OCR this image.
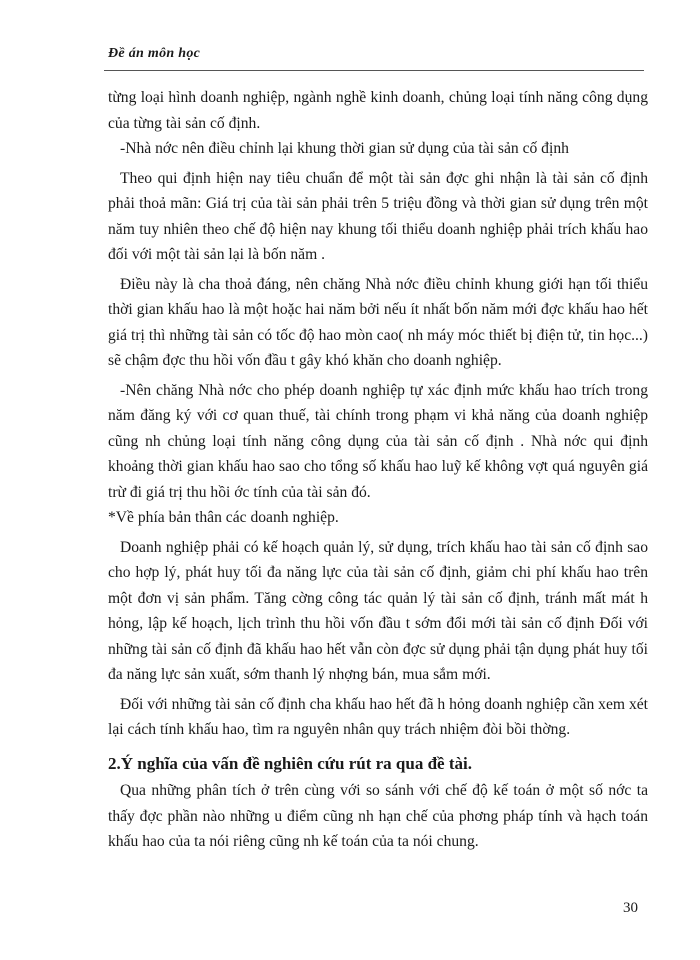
Đề án môn học

từng loại hình doanh nghiệp, ngành nghề kinh doanh, chủng loại tính năng công dụng của từng tài sản cố định.

-Nhà nớc nên điều chỉnh lại khung thời gian sử dụng của tài sản cố định

Theo qui định hiện nay tiêu chuẩn để một tài sản đợc ghi nhận là tài sản cố định phải thoả mãn: Giá trị của tài sản phải trên 5 triệu đồng và thời gian sử dụng trên một năm tuy nhiên theo chế độ hiện nay khung tối thiểu doanh nghiệp phải trích khấu hao đối với một tài sản lại là bốn năm .

Điều này là cha thoả đáng, nên chăng Nhà nớc điều chỉnh khung giới hạn tối thiểu thời gian khấu hao là một hoặc hai năm bởi nếu ít nhất bốn năm mới đợc khấu hao hết giá trị thì những tài sản có tốc độ hao mòn cao( nh máy móc thiết bị điện tử, tin học...) sẽ chậm đợc thu hồi vốn đầu t gây khó khăn cho doanh nghiệp.

-Nên chăng Nhà nớc cho phép doanh nghiệp tự xác định mức khấu hao trích trong năm đăng ký với cơ quan thuế, tài chính trong phạm vi khả năng của doanh nghiệp cũng nh chủng loại tính năng công dụng của tài sản cố định . Nhà nớc qui định khoảng thời gian khấu hao sao cho tổng số khấu hao luỹ kế không vợt quá nguyên giá trừ đi giá trị thu hồi ớc tính của tài sản đó.

*Về phía bản thân các doanh nghiệp.

Doanh nghiệp phải có kế hoạch quản lý, sử dụng, trích khấu hao tài sản cố định sao cho hợp lý, phát huy tối đa năng lực của tài sản cố định, giảm chi phí khấu hao trên một đơn vị sản phẩm. Tăng cờng công tác quản lý tài sản cố định, tránh mất mát h hỏng, lập kế hoạch, lịch trình thu hồi vốn đầu t sớm đổi mới tài sản cố định Đối với những tài sản cố định đã khấu hao hết vẫn còn đợc sử dụng phải tận dụng phát huy tối đa năng lực sản xuất, sớm thanh lý nhợng bán, mua sắm mới.

Đối với những tài sản cố định cha khấu hao hết đã h hỏng doanh nghiệp cần xem xét lại cách tính khấu hao, tìm ra nguyên nhân quy trách nhiệm đòi bồi thờng.

2.Ý nghĩa của vấn đề nghiên cứu rút ra qua đề tài.

Qua những phân tích ở trên cùng với so sánh với chế độ kế toán ở một số nớc ta thấy đợc phần nào những u điểm cũng nh hạn chế của phơng pháp tính và hạch toán khấu hao của ta nói riêng cũng nh kế toán của ta nói chung.

30
